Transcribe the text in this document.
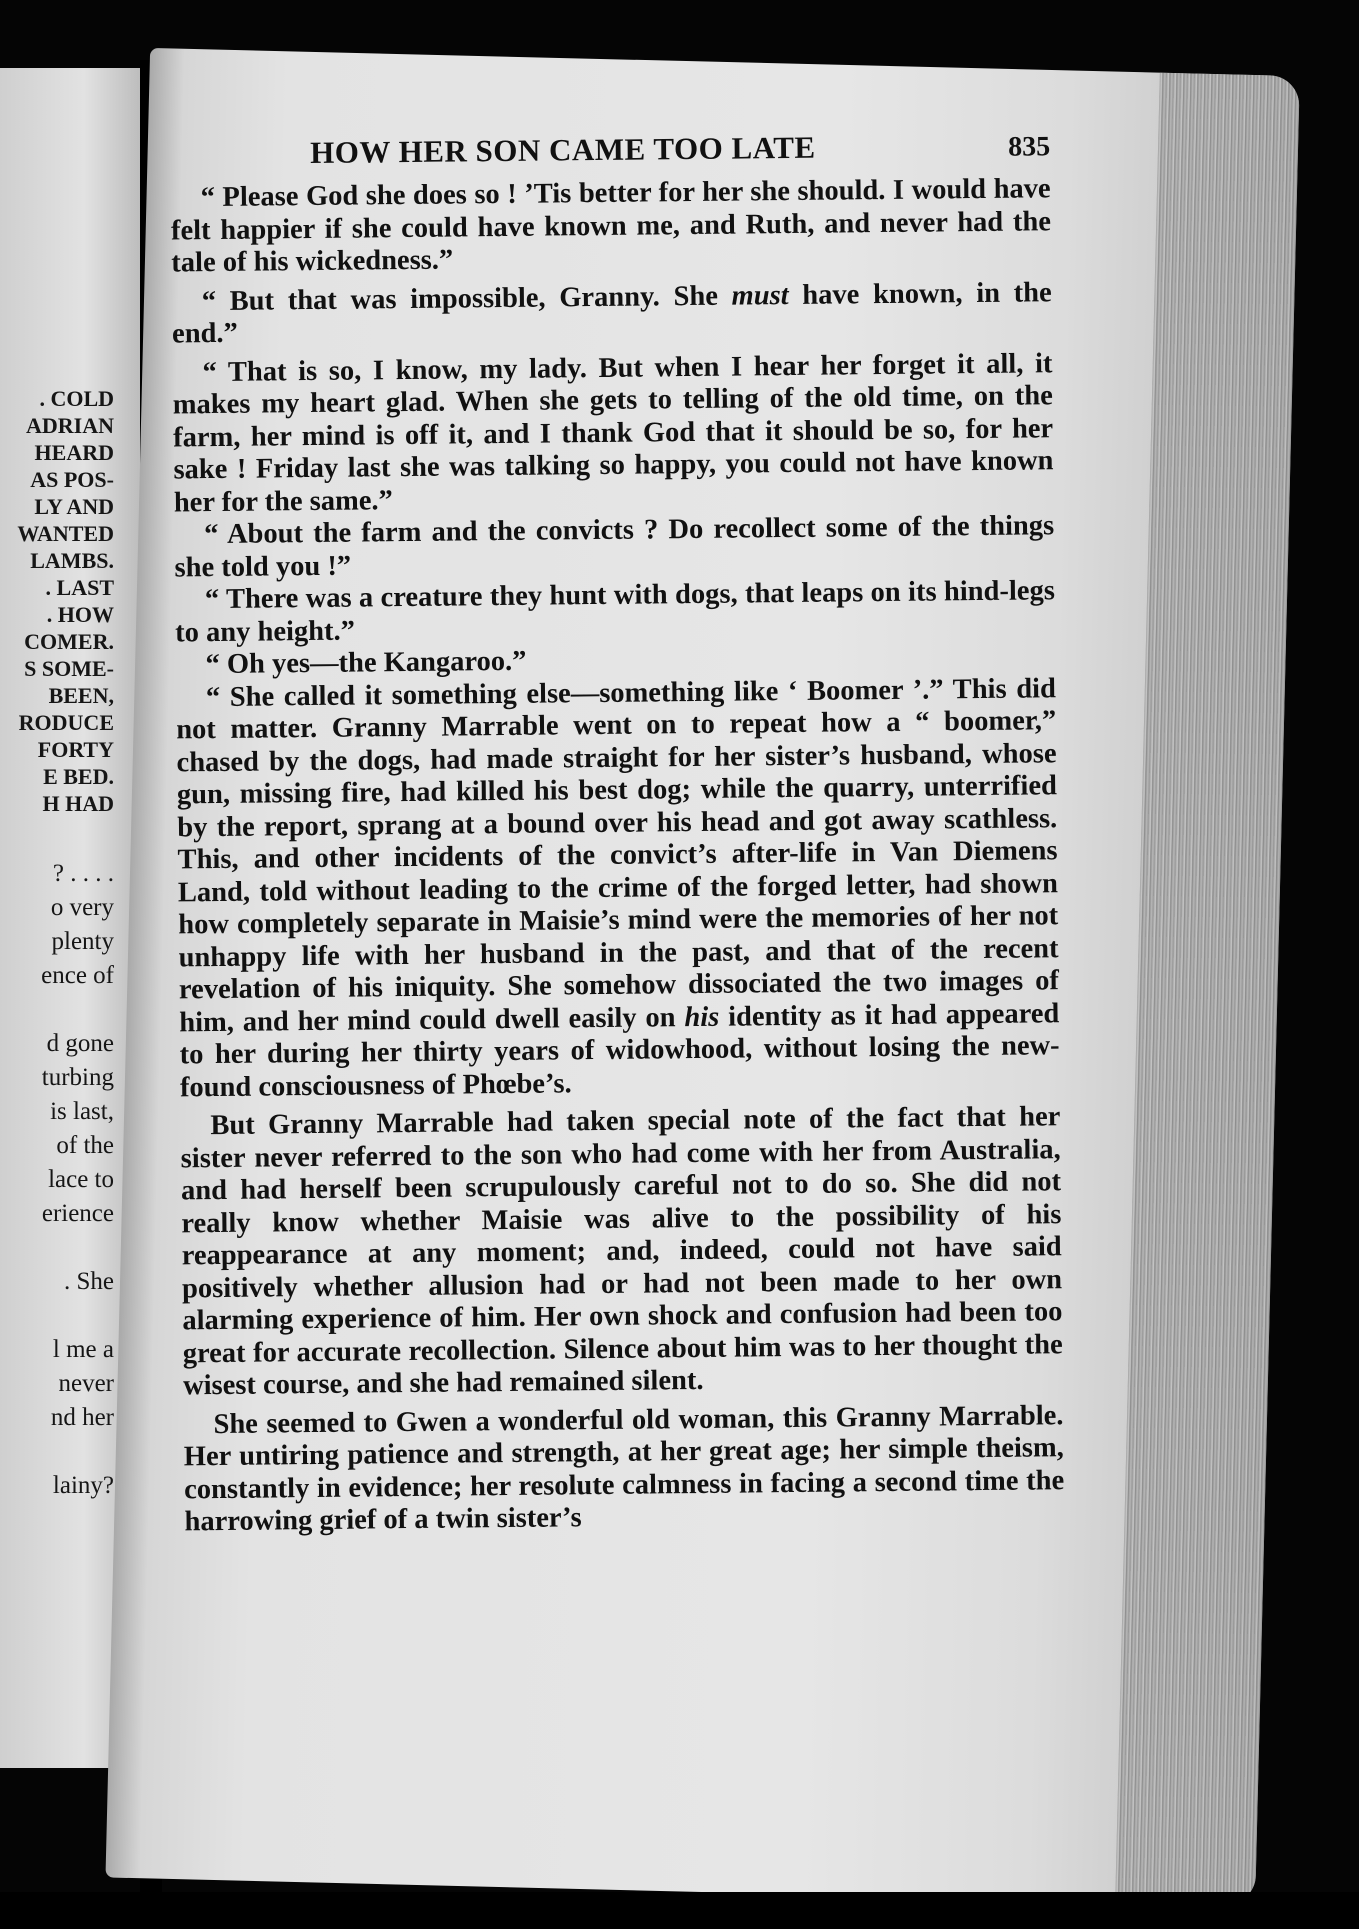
. COLD
ADRIAN
HEARD
AS POS-
LY AND
WANTED
LAMBS.
. LAST
. HOW
COMER.
S SOME-
BEEN,
RODUCE
FORTY
E BED.
H HAD
? . . . .
o very
plenty
ence of
d gone
turbing
is last,
of the
lace to
erience
. She
l me a
never
nd her
lainy?
HOW HER SON CAME TOO LATE	835

“ Please God she does so ! ’Tis better for her she should. I would have felt happier if she could have known me, and Ruth, and never had the tale of his wickedness.”

“ But that was impossible, Granny. She must have known, in the end.”

“ That is so, I know, my lady. But when I hear her forget it all, it makes my heart glad. When she gets to telling of the old time, on the farm, her mind is off it, and I thank God that it should be so, for her sake ! Friday last she was talking so happy, you could not have known her for the same.”

“ About the farm and the convicts ? Do recollect some of the things she told you !”

“ There was a creature they hunt with dogs, that leaps on its hind-legs to any height.”

“ Oh yes—the Kangaroo.”

“ She called it something else—something like ‘ Boomer ’.” This did not matter. Granny Marrable went on to repeat how a “ boomer,” chased by the dogs, had made straight for her sister’s husband, whose gun, missing fire, had killed his best dog; while the quarry, unterrified by the report, sprang at a bound over his head and got away scathless. This, and other incidents of the convict’s after-life in Van Diemens Land, told without leading to the crime of the forged letter, had shown how completely separate in Maisie’s mind were the memories of her not unhappy life with her husband in the past, and that of the recent revelation of his iniquity. She somehow dissociated the two images of him, and her mind could dwell easily on his identity as it had appeared to her during her thirty years of widowhood, without losing the new-found consciousness of Phœbe’s.

But Granny Marrable had taken special note of the fact that her sister never referred to the son who had come with her from Australia, and had herself been scrupulously careful not to do so. She did not really know whether Maisie was alive to the possibility of his reappearance at any moment; and, indeed, could not have said positively whether allusion had or had not been made to her own alarming experience of him. Her own shock and confusion had been too great for accurate recollection. Silence about him was to her thought the wisest course, and she had remained silent.

She seemed to Gwen a wonderful old woman, this Granny Marrable. Her untiring patience and strength, at her great age; her simple theism, constantly in evidence; her resolute calmness in facing a second time the harrowing grief of a twin sister’s
